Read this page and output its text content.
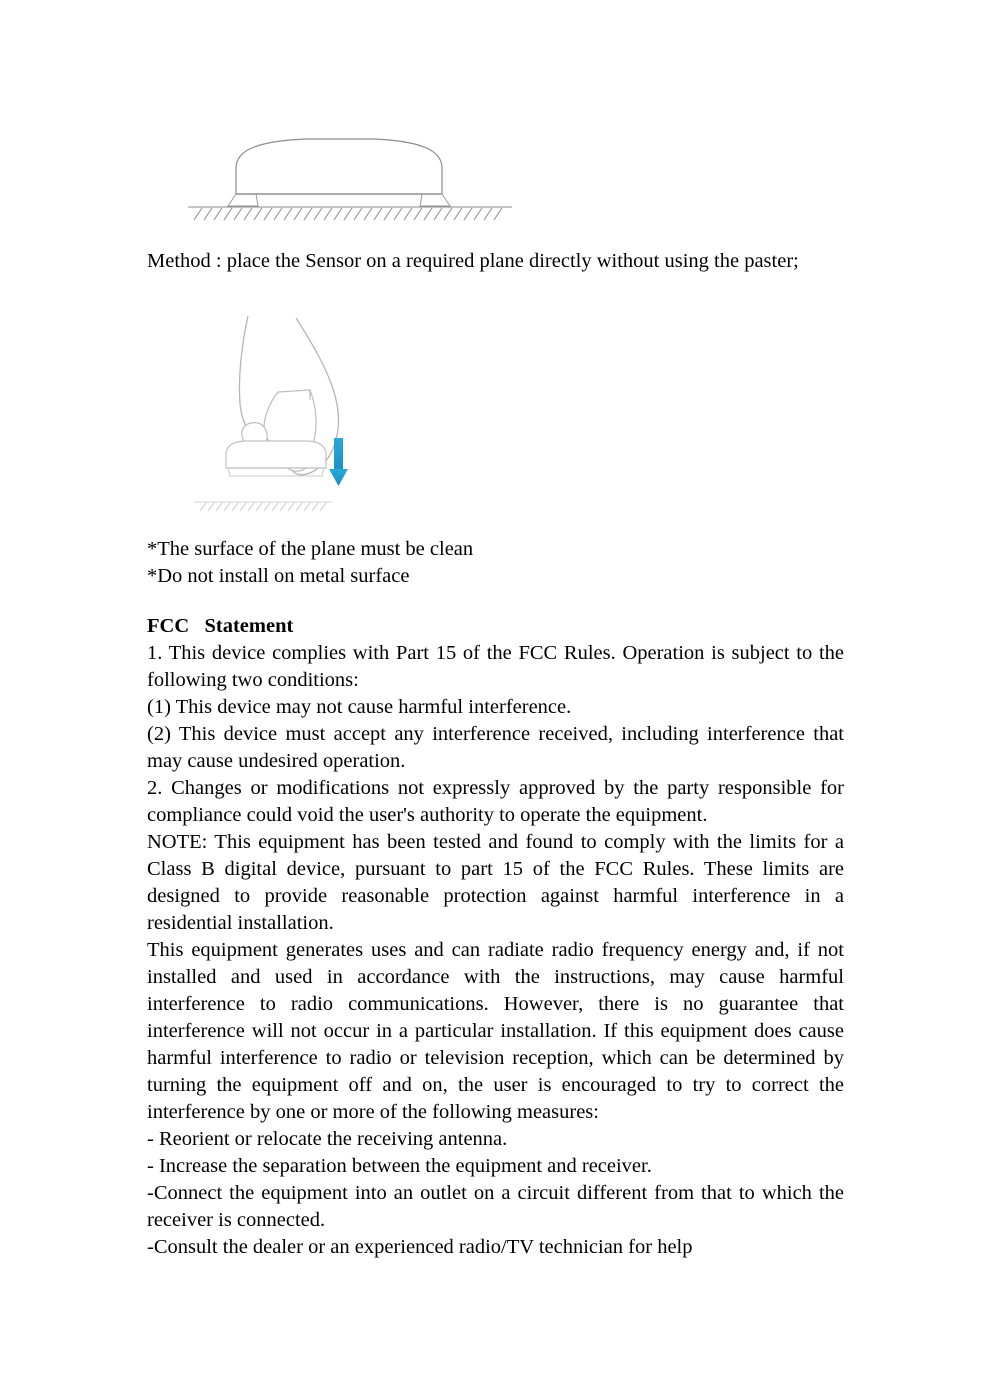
Method : place the Sensor on a required plane directly without using the paster;
*The surface of the plane must be clean
*Do not install on metal surface
FCC   Statement

1. This device complies with Part 15 of the FCC Rules. Operation is subject to the following two conditions:

(1) This device may not cause harmful interference.

(2) This device must accept any interference received, including interference that may cause undesired operation.

2. Changes or modifications not expressly approved by the party responsible for compliance could void the user's authority to operate the equipment.

NOTE: This equipment has been tested and found to comply with the limits for a Class B digital device, pursuant to part 15 of the FCC Rules. These limits are designed to provide reasonable protection against harmful interference in a residential installation.

This equipment generates uses and can radiate radio frequency energy and, if not installed and used in accordance with the instructions, may cause harmful interference to radio communications. However, there is no guarantee that interference will not occur in a particular installation. If this equipment does cause harmful interference to radio or television reception, which can be determined by turning the equipment off and on, the user is encouraged to try to correct the interference by one or more of the following measures:

- Reorient or relocate the receiving antenna.

- Increase the separation between the equipment and receiver.

-Connect the equipment into an outlet on a circuit different from that to which the receiver is connected.

-Consult the dealer or an experienced radio/TV technician for help
